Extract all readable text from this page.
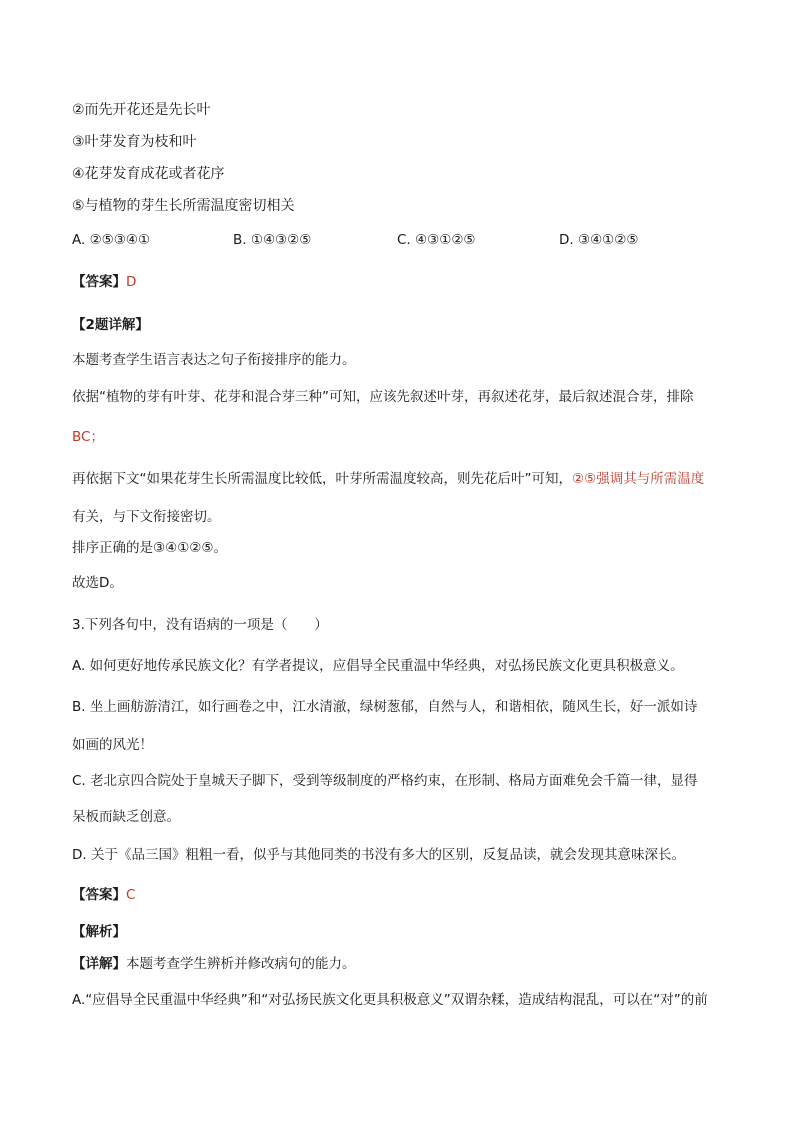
②而先开花还是先长叶
③叶芽发育为枝和叶
④花芽发育成花或者花序
⑤与植物的芽生长所需温度密切相关
A. ②⑤③④①	B. ①④③②⑤	C. ④③①②⑤	D. ③④①②⑤
【答案】D
【2题详解】
本题考查学生语言表达之句子衔接排序的能力。
依据“植物的芽有叶芽、花芽和混合芽三种”可知，应该先叙述叶芽，再叙述花芽，最后叙述混合芽，排除
BC；
再依据下文“如果花芽生长所需温度比较低，叶芽所需温度较高，则先花后叶”可知，②⑤强调其与所需温度
有关，与下文衔接密切。
排序正确的是③④①②⑤。
故选D。
3.下列各句中，没有语病的一项是（　　）
A. 如何更好地传承民族文化？有学者提议，应倡导全民重温中华经典，对弘扬民族文化更具积极意义。
B. 坐上画舫游清江，如行画卷之中，江水清澈，绿树葱郁，自然与人，和谐相依，随风生长，好一派如诗
如画的风光！
C. 老北京四合院处于皇城天子脚下，受到等级制度的严格约束，在形制、格局方面难免会千篇一律，显得
呆板而缺乏创意。
D. 关于《品三国》粗粗一看，似乎与其他同类的书没有多大的区别，反复品读，就会发现其意味深长。
【答案】C
【解析】
【详解】本题考查学生辨析并修改病句的能力。
A.“应倡导全民重温中华经典”和“对弘扬民族文化更具积极意义”双谓杂糅，造成结构混乱，可以在“对”的前
